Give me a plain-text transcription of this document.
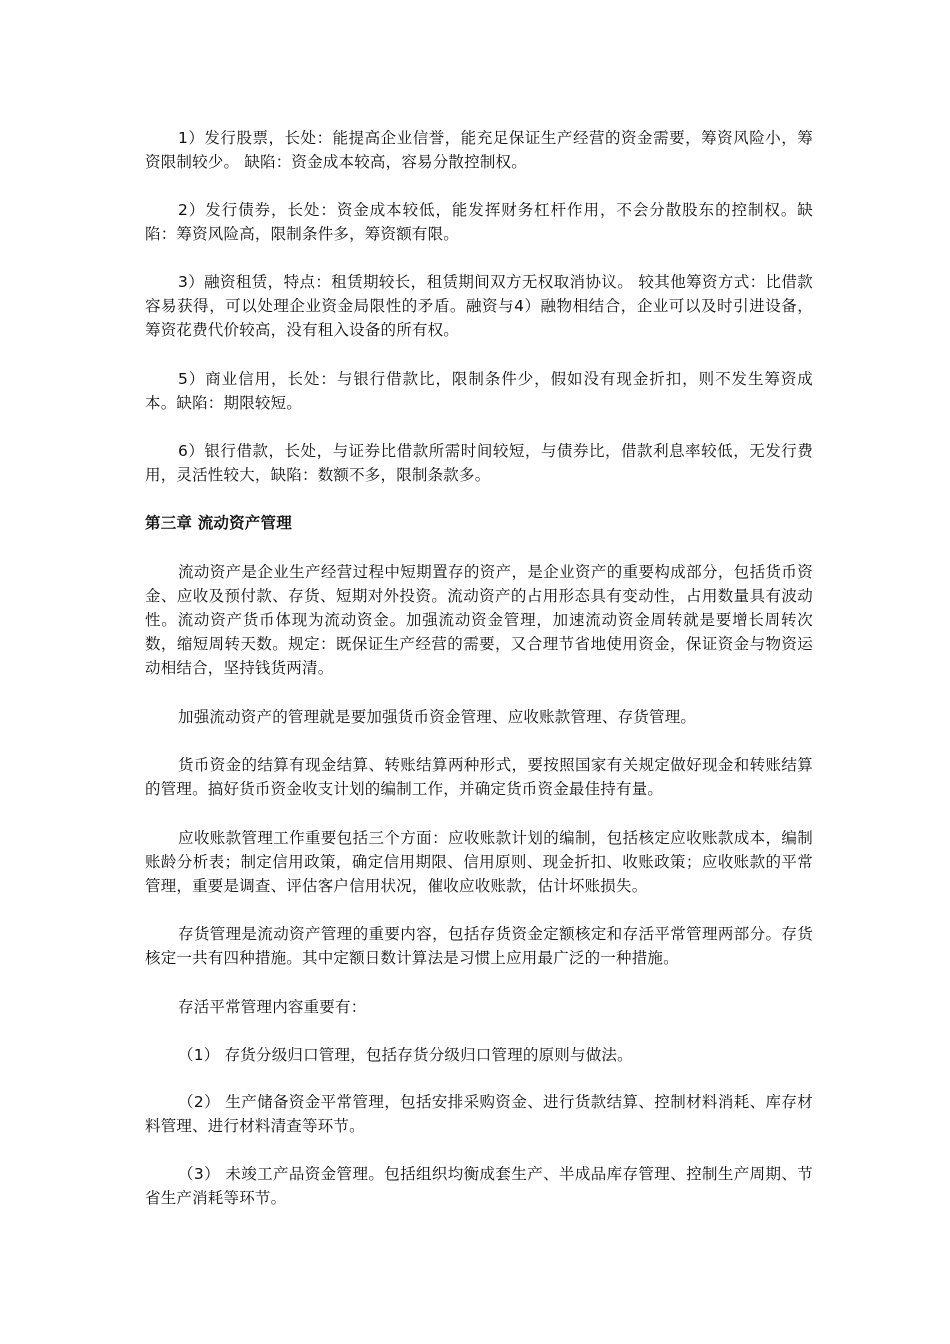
1）发行股票，长处：能提高企业信誉，能充足保证生产经营的资金需要，筹资风险小，筹资限制较少。 缺陷：资金成本较高，容易分散控制权。

2）发行债券，长处：资金成本较低，能发挥财务杠杆作用，不会分散股东的控制权。缺陷：筹资风险高，限制条件多，筹资额有限。

3）融资租赁，特点：租赁期较长，租赁期间双方无权取消协议。 较其他筹资方式：比借款容易获得，可以处理企业资金局限性的矛盾。融资与4）融物相结合，企业可以及时引进设备，筹资花费代价较高，没有租入设备的所有权。

5）商业信用，长处：与银行借款比，限制条件少，假如没有现金折扣，则不发生筹资成本。缺陷：期限较短。

6）银行借款，长处，与证券比借款所需时间较短，与债券比，借款利息率较低，无发行费用，灵活性较大，缺陷：数额不多，限制条款多。

第三章 流动资产管理

流动资产是企业生产经营过程中短期置存的资产，是企业资产的重要构成部分，包括货币资金、应收及预付款、存货、短期对外投资。流动资产的占用形态具有变动性，占用数量具有波动性。流动资产货币体现为流动资金。加强流动资金管理，加速流动资金周转就是要增长周转次数，缩短周转天数。规定：既保证生产经营的需要，又合理节省地使用资金，保证资金与物资运动相结合，坚持钱货两清。

加强流动资产的管理就是要加强货币资金管理、应收账款管理、存货管理。

货币资金的结算有现金结算、转账结算两种形式，要按照国家有关规定做好现金和转账结算的管理。搞好货币资金收支计划的编制工作，并确定货币资金最佳持有量。

应收账款管理工作重要包括三个方面：应收账款计划的编制，包括核定应收账款成本，编制账龄分析表；制定信用政策，确定信用期限、信用原则、现金折扣、收账政策；应收账款的平常管理，重要是调查、评估客户信用状况，催收应收账款，估计坏账损失。

存货管理是流动资产管理的重要内容，包括存货资金定额核定和存活平常管理两部分。存货核定一共有四种措施。其中定额日数计算法是习惯上应用最广泛的一种措施。

存活平常管理内容重要有：

（1） 存货分级归口管理，包括存货分级归口管理的原则与做法。

（2） 生产储备资金平常管理，包括安排采购资金、进行货款结算、控制材料消耗、库存材料管理、进行材料清查等环节。

（3） 未竣工产品资金管理。包括组织均衡成套生产、半成品库存管理、控制生产周期、节省生产消耗等环节。
